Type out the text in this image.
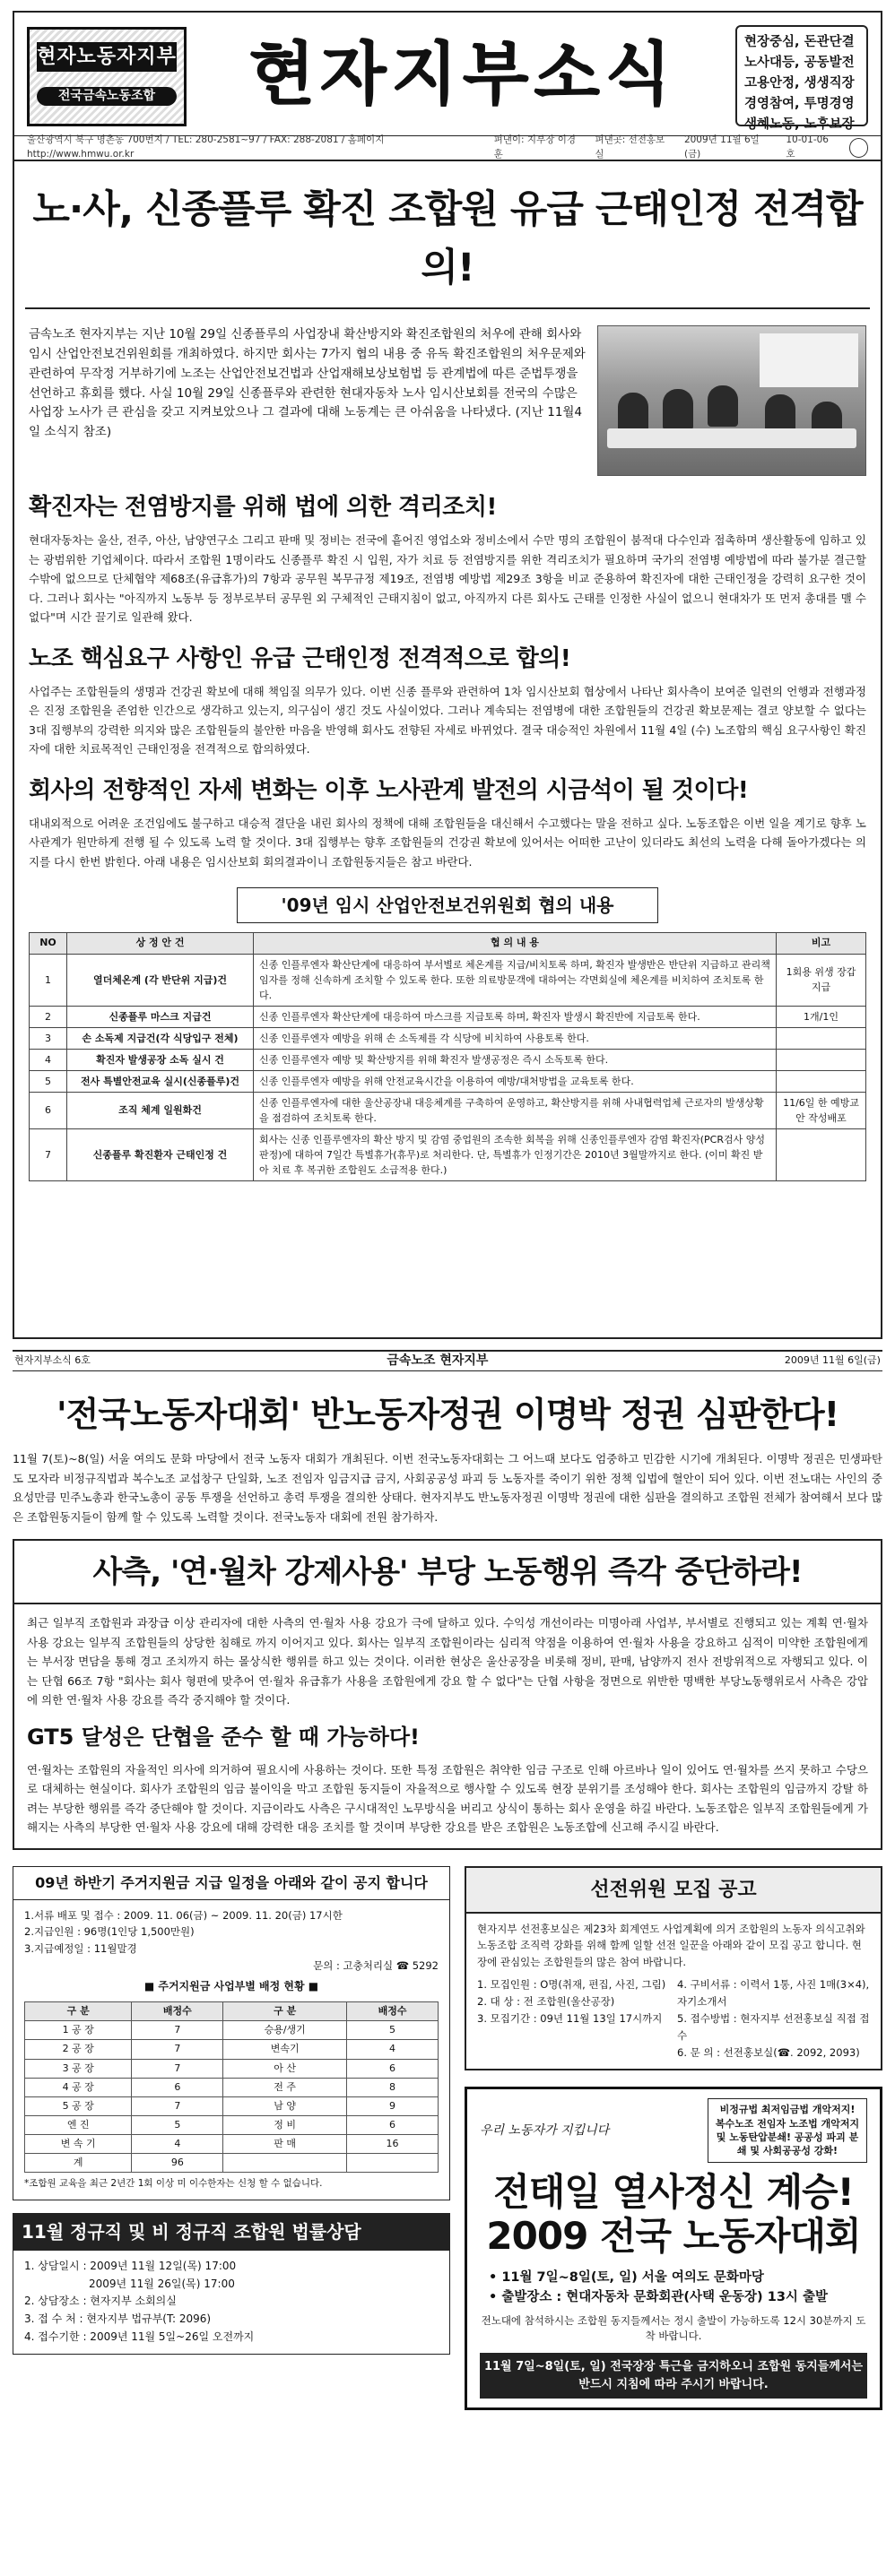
현자노동자지부
전국금속노동조합	현자지부소식	현장중심, 돈관단결
노사대등, 공동발전
고용안정, 생생직장
경영참여, 투명경영
생혜노동, 노후보장
울산광역시 북구 명촌동 700번지 / TEL: 280-2581~97 / FAX: 288-2081 / 홈페이지 http://www.hmwu.or.kr
펴낸이: 지부장 이경훈
펴낸곳: 선전홍보실
2009년 11월 6일(금)
10-01-06호
노·사, 신종플루 확진 조합원 유급 근태인정 전격합의!
금속노조 현자지부는 지난 10월 29일 신종플루의 사업장내 확산방지와 확진조합원의 처우에 관해 회사와 임시 산업안전보건위원회를 개최하였다. 하지만 회사는 7가지 협의 내용 중 유독 확진조합원의 처우문제와 관련하여 무작정 거부하기에 노조는 산업안전보건법과 산업재해보상보험법 등 관계법에 따른 준법투쟁을 선언하고 휴회를 했다. 사실 10월 29일 신종플루와 관련한 현대자동차 노사 임시산보회를 전국의 수많은 사업장 노사가 큰 관심을 갖고 지켜보았으나 그 결과에 대해 노동계는 큰 아쉬움을 나타냈다. (지난 11월4일 소식지 참조)
확진자는 전염방지를 위해 법에 의한 격리조치!
현대자동차는 울산, 전주, 아산, 남양연구소 그리고 판매 및 정비는 전국에 흩어진 영업소와 정비소에서 수만 명의 조합원이 붐적대 다수인과 접촉하며 생산활동에 임하고 있는 광범위한 기업체이다. 따라서 조합원 1명이라도 신종플루 확진 시 입원, 자가 치료 등 전염방지를 위한 격리조치가 필요하며 국가의 전염병 예방법에 따라 불가분 결근할 수밖에 없으므로 단체협약 제68조(유급휴가)의 7항과 공무원 복무규정 제19조, 전염병 예방법 제29조 3항을 비교 준용하여 확진자에 대한 근태인정을 강력히 요구한 것이다. 그러나 회사는 "아직까지 노동부 등 정부로부터 공무원 외 구체적인 근태지침이 없고, 아직까지 다른 회사도 근태를 인정한 사실이 없으니 현대차가 또 먼저 총대를 맬 수 없다"며 시간 끌기로 일관해 왔다.
노조 핵심요구 사항인 유급 근태인정 전격적으로 합의!
사업주는 조합원들의 생명과 건강권 확보에 대해 책임질 의무가 있다. 이번 신종 플루와 관련하여 1차 임시산보회 협상에서 나타난 회사측이 보여준 일련의 언행과 전행과정은 진정 조합원을 존엄한 인간으로 생각하고 있는지, 의구심이 생긴 것도 사실이었다. 그러나 계속되는 전염병에 대한 조합원들의 건강권 확보문제는 결코 양보할 수 없다는 3대 집행부의 강력한 의지와 많은 조합원들의 불안한 마음을 반영해 회사도 전향된 자세로 바뀌었다. 결국 대승적인 차원에서 11월 4일 (수) 노조합의 핵심 요구사항인 확진자에 대한 치료목적인 근태인정을 전격적으로 합의하였다.
회사의 전향적인 자세 변화는 이후 노사관계 발전의 시금석이 될 것이다!
대내외적으로 어려운 조건임에도 불구하고 대승적 결단을 내린 회사의 정책에 대해 조합원들을 대신해서 수고했다는 말을 전하고 싶다. 노동조합은 이번 일을 계기로 향후 노사관계가 원만하게 전행 될 수 있도록 노력 할 것이다. 3대 집행부는 향후 조합원들의 건강권 확보에 있어서는 어떠한 고난이 있더라도 최선의 노력을 다해 돌아가겠다는 의지를 다시 한번 밝힌다. 아래 내용은 임시산보회 회의결과이니 조합원동지들은 참고 바란다.
'09년 임시 산업안전보건위원회 협의 내용
NO	상 정 안 건	협 의 내 용	비고
1	열더체온계 (각 반단위 지급)건	신종 인플루엔자 확산단계에 대응하여 부서별로 체온계를 지급/비치토록 하며, 확진자 발생반은 반단위 지급하고 관리책임자를 정해 신속하게 조치할 수 있도록 한다. 또한 의료방문객에 대하여는 각면회실에 체온계를 비치하여 조치토록 한다.	1회용 위생 장갑지급
2	신종플루 마스크 지급건	신종 인플루엔자 확산단계에 대응하여 마스크를 지급토록 하며, 확진자 발생시 확진반에 지급토록 한다.	1개/1인
3	손 소독제 지급건(각 식당입구 전체)	신종 인플루엔자 예방을 위해 손 소독제를 각 식당에 비치하여 사용토록 한다.	
4	확진자 발생공장 소독 실시 건	신종 인플루엔자 예방 및 확산방지를 위해 확진자 발생공정은 즉시 소독토록 한다.	
5	전사 특별안전교육 실시(신종플루)건	신종 인플루엔자 예방을 위해 안전교육시간을 이용하여 예방/대처방법을 교육토록 한다.	
6	조직 체계 일원화건	신종 인플루엔자에 대한 울산공장내 대응체계를 구축하여 운영하고, 확산방지를 위해 사내협력업체 근로자의 발생상황을 점검하여 조치토록 한다.	11/6일 한 예방교안 작성배포
7	신종플루 확진환자 근태인정 건	회사는 신종 인플루엔자의 확산 방지 및 감염 중업원의 조속한 회복을 위해 신종인플루엔자 감염 확진자(PCR검사 양성판정)에 대하여 7일간 특별휴가(휴무)로 처리한다. 단, 특별휴가 인정기간은 2010년 3월말까지로 한다. (이미 확진 받아 치료 후 복귀한 조합원도 소급적용 한다.)	
현자지부소식 6호	금속노조 현자지부	2009년 11월 6일(금)
'전국노동자대회' 반노동자정권 이명박 정권 심판한다!
11월 7(토)~8(일) 서울 여의도 문화 마당에서 전국 노동자 대회가 개최된다. 이번 전국노동자대회는 그 어느때 보다도 엄중하고 민감한 시기에 개최된다. 이명박 정권은 민생파탄도 모자라 비정규직법과 복수노조 교섭창구 단일화, 노조 전임자 임금지급 금지, 사회공공성 파괴 등 노동자를 죽이기 위한 정책 입법에 혈안이 되어 있다. 이번 전노대는 사인의 중요성만큼 민주노총과 한국노총이 공동 투쟁을 선언하고 총력 투쟁을 결의한 상태다. 현자지부도 반노동자정권 이명박 정권에 대한 심판을 결의하고 조합원 전체가 참여해서 보다 많은 조합원동지들이 함께 할 수 있도록 노력할 것이다. 전국노동자 대회에 전원 참가하자.
사측, '연·월차 강제사용' 부당 노동행위 즉각 중단하라!
최근 일부직 조합원과 과장급 이상 관리자에 대한 사측의 연·월차 사용 강요가 극에 달하고 있다. 수익성 개선이라는 미명아래 사업부, 부서별로 진행되고 있는 계획 연·월차 사용 강요는 일부직 조합원들의 상당한 침해로 까지 이어지고 있다. 회사는 일부직 조합원이라는 심리적 약점을 이용하여 연·월차 사용을 강요하고 심적이 미약한 조합원에게는 부서장 면담을 통해 경고 조치까지 하는 몰상식한 행위를 하고 있는 것이다. 이러한 현상은 울산공장을 비롯해 정비, 판매, 남양까지 전사 전방위적으로 자행되고 있다. 이는 단협 66조 7항 "회사는 회사 형편에 맞추어 연·월차 유급휴가 사용을 조합원에게 강요 할 수 없다"는 단협 사항을 정면으로 위반한 명백한 부당노동행위로서 사측은 강압에 의한 연·월차 사용 강요를 즉각 중지해야 할 것이다.
GT5 달성은 단협을 준수 할 때 가능하다!
연·월차는 조합원의 자율적인 의사에 의거하여 필요시에 사용하는 것이다. 또한 특정 조합원은 취약한 임금 구조로 인해 아르바나 일이 있어도 연·월차를 쓰지 못하고 수당으로 대체하는 현실이다. 회사가 조합원의 임금 불이익을 막고 조합원 동지들이 자율적으로 행사할 수 있도록 현장 분위기를 조성해야 한다. 회사는 조합원의 임금까지 강탈 하려는 부당한 행위를 즉각 중단해야 할 것이다. 지금이라도 사측은 구시대적인 노무방식을 버리고 상식이 통하는 회사 운영을 하길 바란다. 노동조합은 일부직 조합원들에게 가해지는 사측의 부당한 연·월차 사용 강요에 대해 강력한 대응 조치를 할 것이며 부당한 강요를 받은 조합원은 노동조합에 신고해 주시길 바란다.
09년 하반기 주거지원금 지급 일정을 아래와 같이 공지 합니다
1.서류 배포 및 접수 : 2009. 11. 06(금) ~ 2009. 11. 20(금) 17시한
2.지급인원 : 96명(1인당 1,500만원)
3.지급예정일 : 11월말경
문의 : 고충처리실 ☎ 5292
■ 주거지원금 사업부별 배정 현황 ■
구 분	배정수	구 분	배정수
1 공 장	7	승용/생기	5
2 공 장	7	변속기	4
3 공 장	7	아 산	6
4 공 장	6	전 주	8
5 공 장	7	남 양	9
엔 진	5	정 비	6
변 속 기	4	판 매	16
계	96		
*조합원 교육을 최근 2년간 1회 이상 미 이수한자는 신청 할 수 없습니다.
11월 정규직 및 비 정규직 조합원 법률상담
1. 상담일시 : 2009년 11월 12일(목) 17:00
2009년 11월 26일(목) 17:00
2. 상담장소 : 현자지부 소회의실
3. 접 수 처 : 현자지부 법규부(T: 2096)
4. 접수기한 : 2009년 11월 5일~26일 오전까지
선전위원 모집 공고
현자지부 선전홍보실은 제23차 회계연도 사업계획에 의거 조합원의 노동자 의식고취와 노동조합 조직력 강화를 위해 함께 일할 선전 일꾼을 아래와 같이 모집 공고 합니다. 현장에 관심있는 조합원들의 많은 참여 바랍니다.
1. 모집인원 : O명(취재, 편집, 사진, 그림)
2. 대 상 : 전 조합원(울산공장)
3. 모집기간 : 09년 11월 13일 17시까지
4. 구비서류 : 이력서 1통, 사진 1매(3×4), 자기소개서
5. 접수방법 : 현자지부 선전홍보실 직접 접수
6. 문 의 : 선전홍보실(☎. 2092, 2093)
비정규법 최저임금법 개악저지! 복수노조 전임자 노조법 개악저지 및 노동탄압분쇄! 공공성 파괴 분쇄 및 사회공공성 강화!
우리 노동자가 지킵니다
전태일 열사정신 계승!
2009 전국 노동자대회
• 11월 7일~8일(토, 일) 서울 여의도 문화마당
• 출발장소 : 현대자동차 문화회관(사택 운동장) 13시 출발
전노대에 참석하시는 조합원 동지들께서는 정시 출발이 가능하도록 12시 30분까지 도착 바랍니다.
11월 7일~8일(토, 일) 전국장장 특근을 금지하오니 조합원 동지들께서는 반드시 지침에 따라 주시기 바랍니다.
